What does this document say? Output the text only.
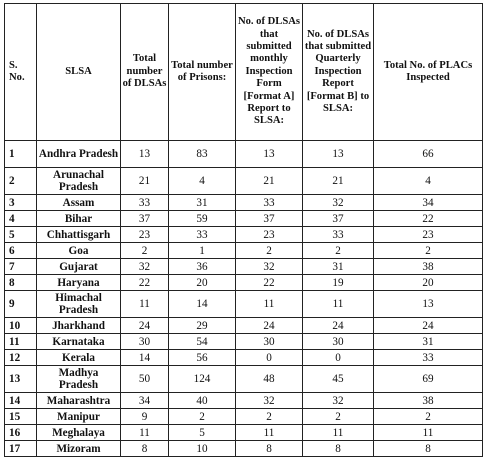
S. No.	SLSA	Total number of DLSAs	Total number of Prisons:	No. of DLSAs that submitted monthly Inspection Form [Format A] Report to SLSA:	No. of DLSAs that submitted Quarterly Inspection Report [Format B] to SLSA:	Total No. of PLACs Inspected
1	Andhra Pradesh	13	83	13	13	66
2	Arunachal Pradesh	21	4	21	21	4
3	Assam	33	31	33	32	34
4	Bihar	37	59	37	37	22
5	Chhattisgarh	23	33	23	33	23
6	Goa	2	1	2	2	2
7	Gujarat	32	36	32	31	38
8	Haryana	22	20	22	19	20
9	Himachal Pradesh	11	14	11	11	13
10	Jharkhand	24	29	24	24	24
11	Karnataka	30	54	30	30	31
12	Kerala	14	56	0	0	33
13	Madhya Pradesh	50	124	48	45	69
14	Maharashtra	34	40	32	32	38
15	Manipur	9	2	2	2	2
16	Meghalaya	11	5	11	11	11
17	Mizoram	8	10	8	8	8
